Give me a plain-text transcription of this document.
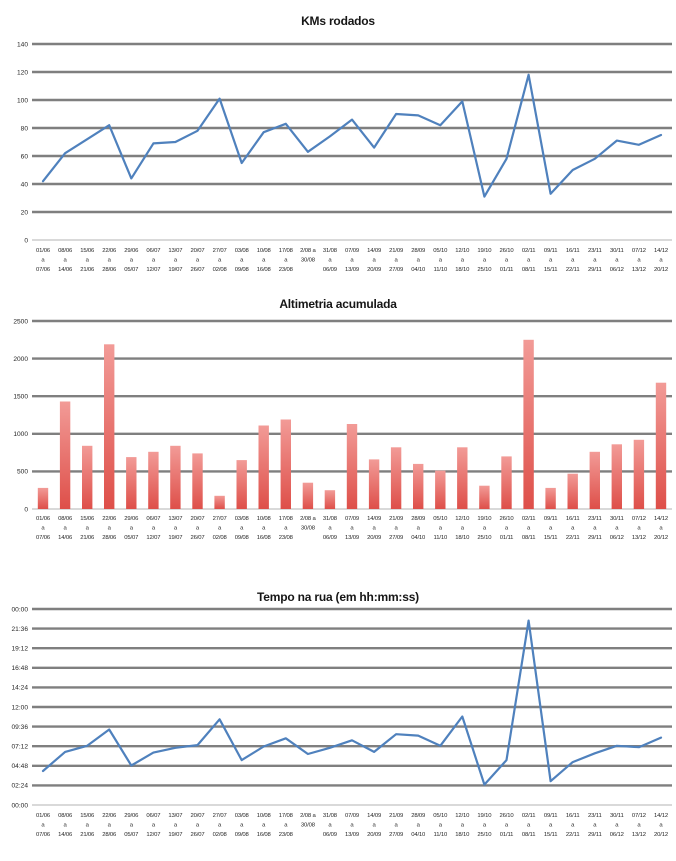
KMs rodados
0
20
40
60
80
100
120
140
01/06
a
07/06
08/06
a
14/06
15/06
a
21/06
22/06
a
28/06
29/06
a
05/07
06/07
a
12/07
13/07
a
19/07
20/07
a
26/07
27/07
a
02/08
03/08
a
09/08
10/08
a
16/08
17/08
a
23/08
2/08 a
30/08
31/08
a
06/09
07/09
a
13/09
14/09
a
20/09
21/09
a
27/09
28/09
a
04/10
05/10
a
11/10
12/10
a
18/10
19/10
a
25/10
26/10
a
01/11
02/11
a
08/11
09/11
a
15/11
16/11
a
22/11
23/11
a
29/11
30/11
a
06/12
07/12
a
13/12
14/12
a
20/12
Altimetria acumulada
0
500
1000
1500
2000
2500
01/06
a
07/06
08/06
a
14/06
15/06
a
21/06
22/06
a
28/06
29/06
a
05/07
06/07
a
12/07
13/07
a
19/07
20/07
a
26/07
27/07
a
02/08
03/08
a
09/08
10/08
a
16/08
17/08
a
23/08
2/08 a
30/08
31/08
a
06/09
07/09
a
13/09
14/09
a
20/09
21/09
a
27/09
28/09
a
04/10
05/10
a
11/10
12/10
a
18/10
19/10
a
25/10
26/10
a
01/11
02/11
a
08/11
09/11
a
15/11
16/11
a
22/11
23/11
a
29/11
30/11
a
06/12
07/12
a
13/12
14/12
a
20/12
Tempo na rua (em hh:mm:ss)
00:00
02:24
04:48
07:12
09:36
12:00
14:24
16:48
19:12
21:36
00:00
01/06
a
07/06
08/06
a
14/06
15/06
a
21/06
22/06
a
28/06
29/06
a
05/07
06/07
a
12/07
13/07
a
19/07
20/07
a
26/07
27/07
a
02/08
03/08
a
09/08
10/08
a
16/08
17/08
a
23/08
2/08 a
30/08
31/08
a
06/09
07/09
a
13/09
14/09
a
20/09
21/09
a
27/09
28/09
a
04/10
05/10
a
11/10
12/10
a
18/10
19/10
a
25/10
26/10
a
01/11
02/11
a
08/11
09/11
a
15/11
16/11
a
22/11
23/11
a
29/11
30/11
a
06/12
07/12
a
13/12
14/12
a
20/12
